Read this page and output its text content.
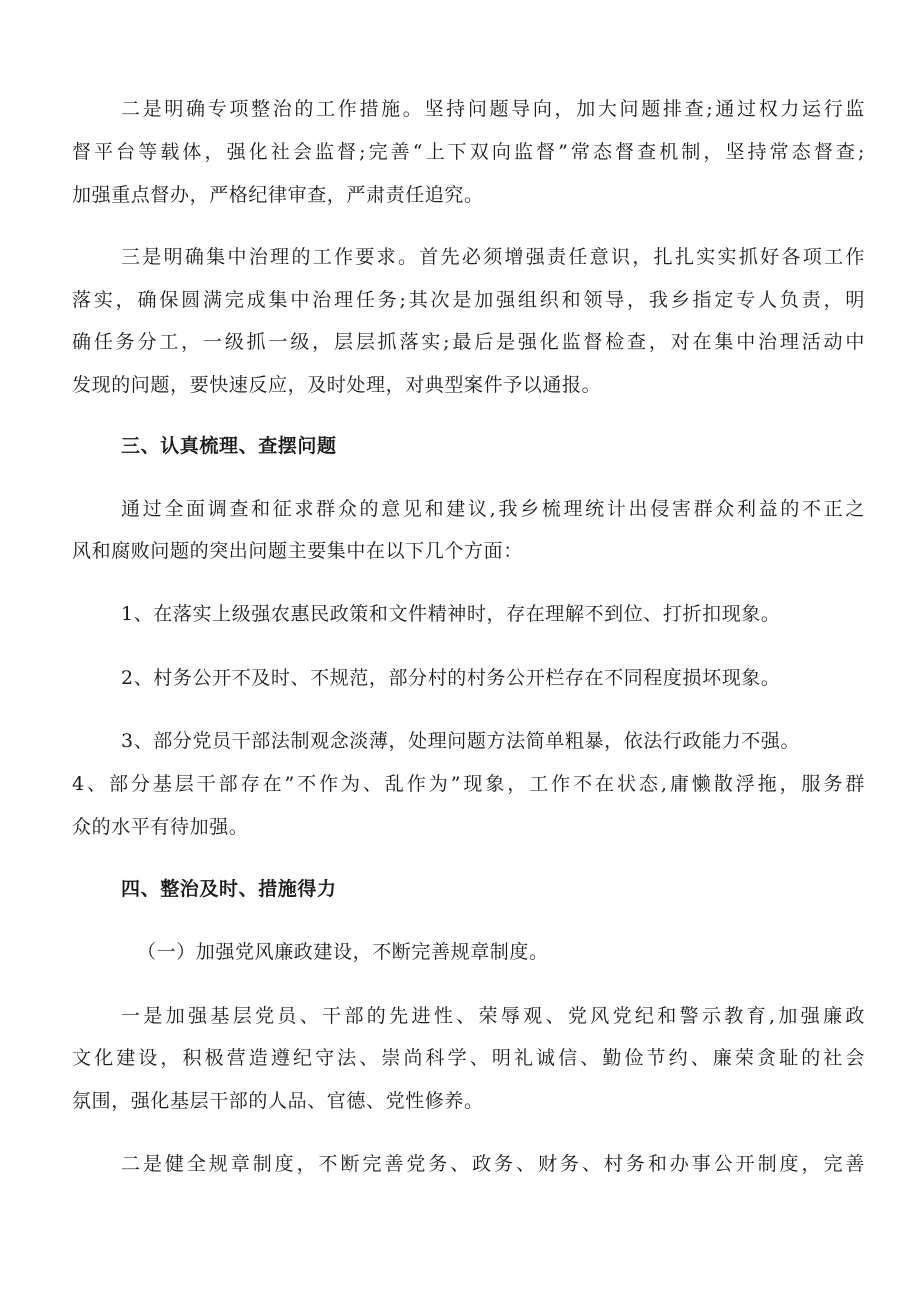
二是明确专项整治的工作措施。坚持问题导向，加大问题排查;通过权力运行监
督平台等载体，强化社会监督;完善“上下双向监督”常态督查机制，坚持常态督查;
加强重点督办，严格纪律审查，严肃责任追究。
三是明确集中治理的工作要求。首先必须增强责任意识，扎扎实实抓好各项工作
落实，确保圆满完成集中治理任务;其次是加强组织和领导，我乡指定专人负责，明
确任务分工，一级抓一级，层层抓落实;最后是强化监督检查，对在集中治理活动中
发现的问题，要快速反应，及时处理，对典型案件予以通报。
三、认真梳理、查摆问题
通过全面调查和征求群众的意见和建议,我乡梳理统计出侵害群众利益的不正之
风和腐败问题的突出问题主要集中在以下几个方面：
1、在落实上级强农惠民政策和文件精神时，存在理解不到位、打折扣现象。
2、村务公开不及时、不规范，部分村的村务公开栏存在不同程度损坏现象。
3、部分党员干部法制观念淡薄，处理问题方法简单粗暴，依法行政能力不强。
4、部分基层干部存在”不作为、乱作为”现象，工作不在状态,庸懒散浮拖，服务群
众的水平有待加强。
四、整治及时、措施得力
（一）加强党风廉政建设，不断完善规章制度。
一是加强基层党员、干部的先进性、荣辱观、党风党纪和警示教育,加强廉政
文化建设，积极营造遵纪守法、崇尚科学、明礼诚信、勤俭节约、廉荣贪耻的社会
氛围，强化基层干部的人品、官德、党性修养。
二是健全规章制度，不断完善党务、政务、财务、村务和办事公开制度，完善
